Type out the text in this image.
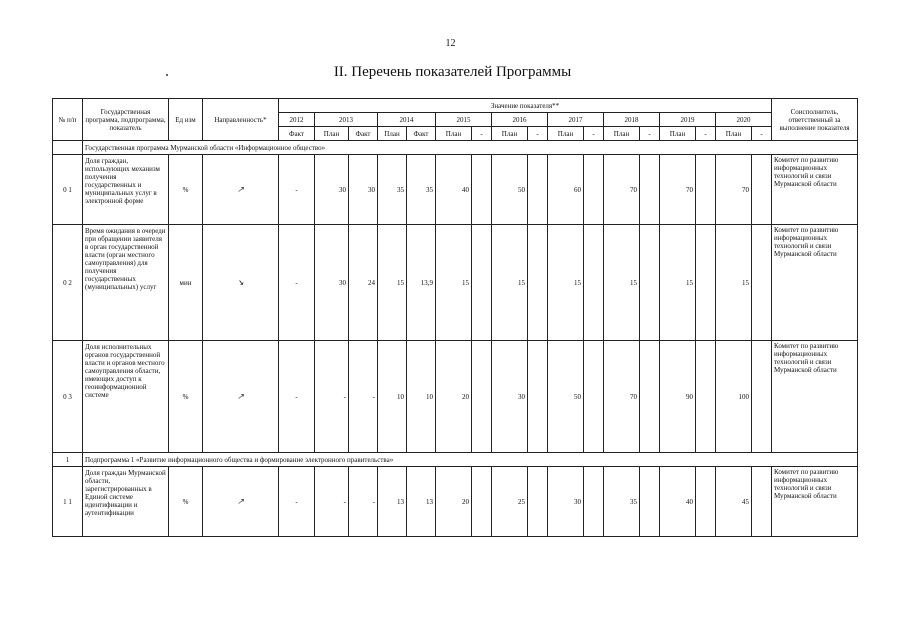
12
II. Перечень показателей Программы
№ п/п	Государственная программа, подпрограмма, показатель	Ед изм	Направленность*	Значение показателя**																	Соисполнитель, ответственный за выполнение показателя
				2012	2013		2014		2015		2016		2017		2018		2019		2020		
				Факт	План	Факт	План	Факт	План	-	План	-	План	-	План	-	План	-	План	-	
	Государственная программа Мурманской области «Информационное общество»																				
0 1	Доля граждан, использующих механизм получения государственных и муниципальных услуг в электронной форме	%	↗	-	30	30	35	35	40		50		60		70		70		70		Комитет по развитию информационных технологий и связи Мурманской области
0 2	Время ожидания в очереди при обращении заявителя в орган государственной власти (орган местного самоуправления) для получения государственных (муниципальных) услуг	мин	↘	-	30	24	15	13,9	15		15		15		15		15		15		Комитет по развитию информационных технологий и связи Мурманской области
0 3	Доля исполнительных органов государственной власти и органов местного самоуправления области, имеющих доступ к геоинформационной системе	%	↗	-	-	-	10	10	20		30		50		70		90		100		Комитет по развитию информационных технологий и связи Мурманской области
1	Подпрограмма 1 «Развитие информационного общества и формирование электронного правительства»																				
1 1	Доля граждан Мурманской области, зарегистрированных в Единой системе идентификации и аутентификации	%	↗	-	-	-	13	13	20		25		30		35		40		45		Комитет по развитию информационных технологий и связи Мурманской области
